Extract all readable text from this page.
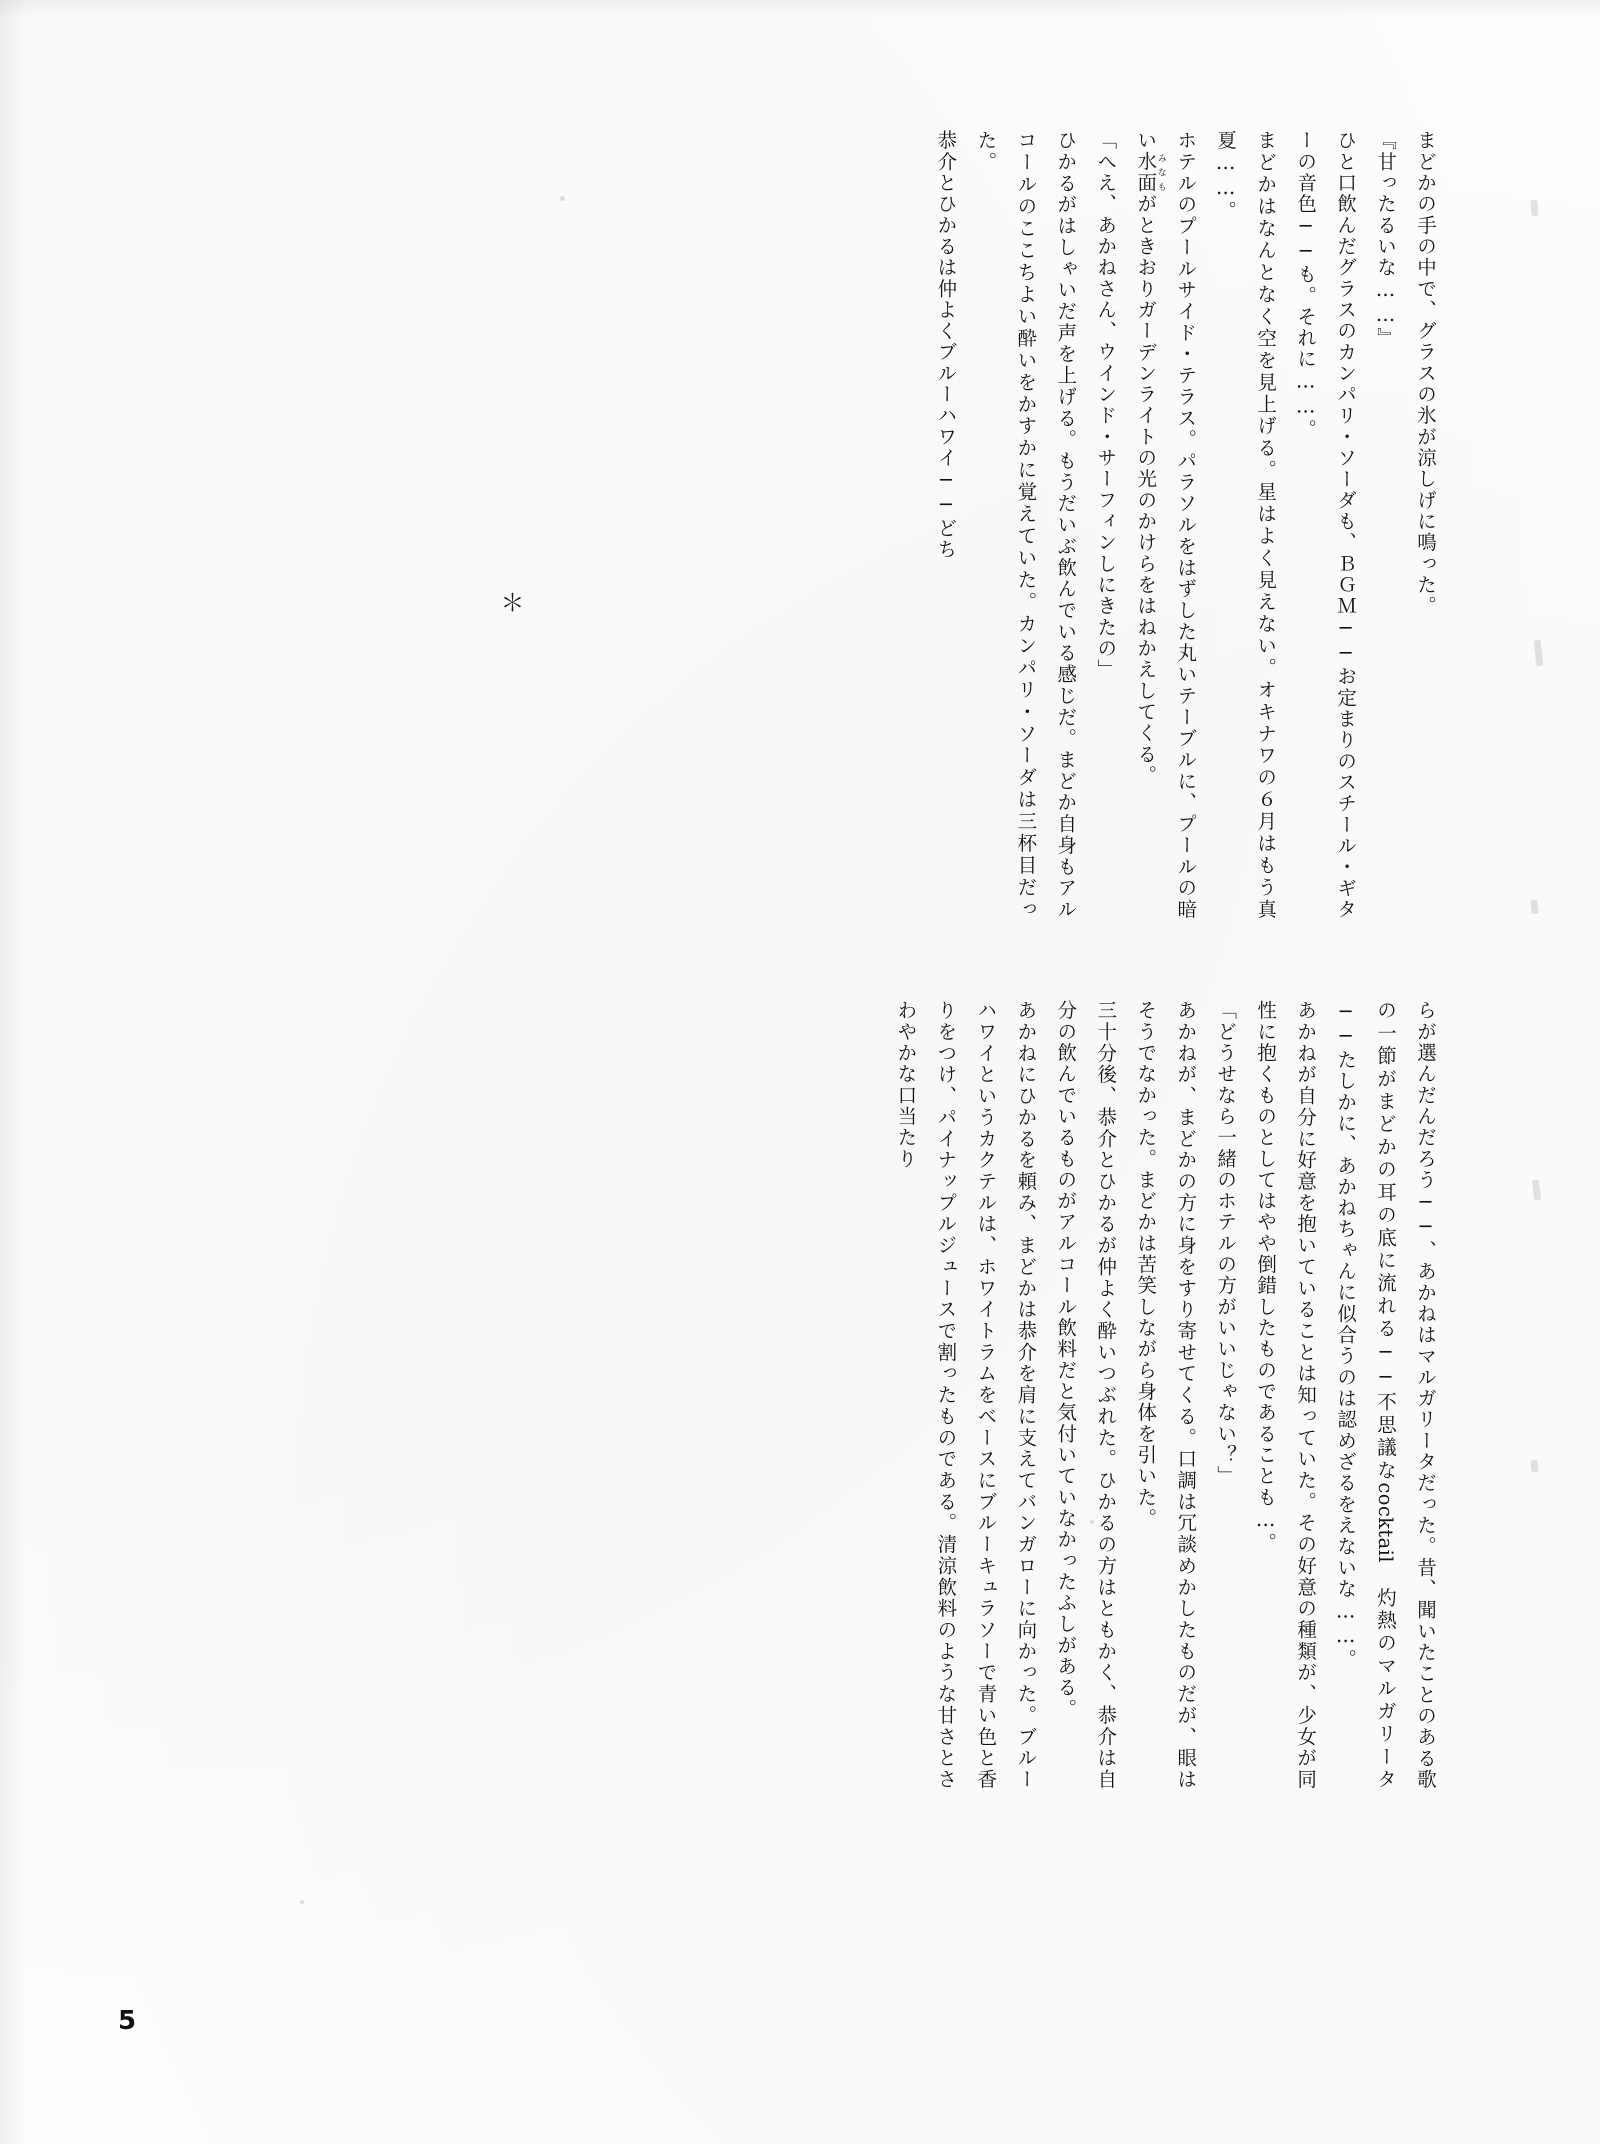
まどかの手の中で、グラスの氷が涼しげに鳴った。

『甘ったるいな……』

ひと口飲んだグラスのカンパリ・ソーダも、ＢＧＭ──お定まりのスチール・ギターの音色──も。それに……。

まどかはなんとなく空を見上げる。星はよく見えない。オキナワの６月はもう真夏……。

ホテルのプールサイド・テラス。パラソルをはずした丸いテーブルに、プールの暗い水面みなもがときおりガーデンライトの光のかけらをはねかえしてくる。

「へえ、あかねさん、ウインド・サーフィンしにきたの」

ひかるがはしゃいだ声を上げる。もうだいぶ飲んでいる感じだ。まどか自身もアルコールのここちよい酔いをかすかに覚えていた。カンパリ・ソーダは三杯目だった。

恭介とひかるは仲よくブルーハワイ──どち

＊

らが選んだんだろう──、あかねはマルガリータだった。昔、聞いたことのある歌の一節がまどかの耳の底に流れる──不思議なcocktail　灼熱のマルガリータ──たしかに、あかねちゃんに似合うのは認めざるをえないな……。

あかねが自分に好意を抱いていることは知っていた。その好意の種類が、少女が同性に抱くものとしてはやや倒錯したものであることも…。

「どうせなら一緒のホテルの方がいいじゃない？」

あかねが、まどかの方に身をすり寄せてくる。口調は冗談めかしたものだが、眼はそうでなかった。まどかは苦笑しながら身体を引いた。

三十分後、恭介とひかるが仲よく酔いつぶれた。ひかるの方はともかく、恭介は自分の飲んでいるものがアルコール飲料だと気付いていなかったふしがある。

あかねにひかるを頼み、まどかは恭介を肩に支えてバンガローに向かった。ブルーハワイというカクテルは、ホワイトラムをベースにブルーキュラソーで青い色と香りをつけ、パイナップルジュースで割ったものである。清涼飲料のような甘さとさわやかな口当たり

5
